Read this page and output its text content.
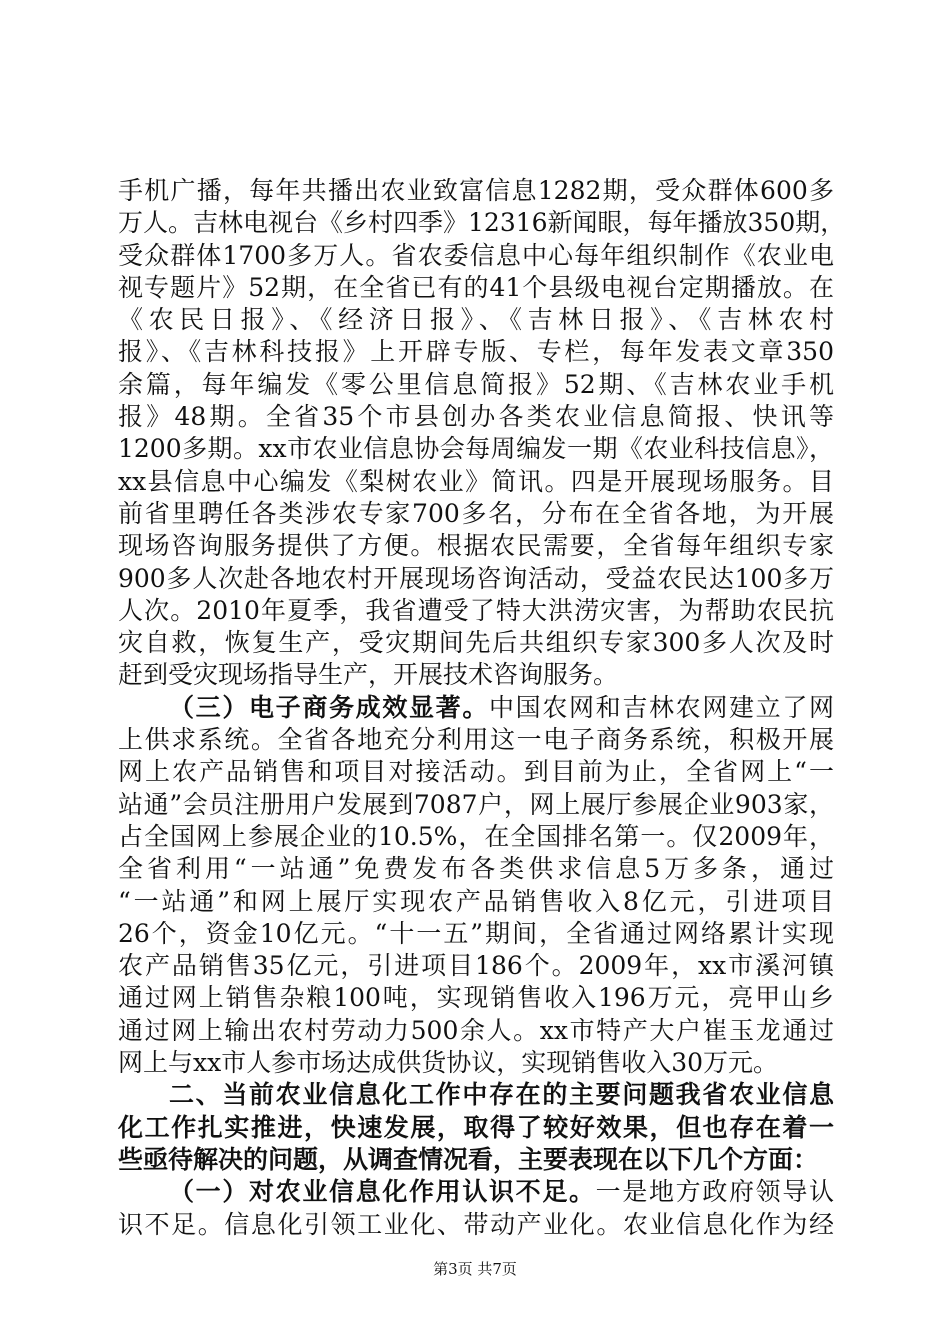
手机广播，每年共播出农业致富信息1282期，受众群体600多
万人。吉林电视台《乡村四季》12316新闻眼，每年播放350期，
受众群体1700多万人。省农委信息中心每年组织制作《农业电
视专题片》52期，在全省已有的41个县级电视台定期播放。在
《农民日报》、《经济日报》、《吉林日报》、《吉林农村
报》、《吉林科技报》上开辟专版、专栏，每年发表文章350
余篇，每年编发《零公里信息简报》52期、《吉林农业手机
报》48期。全省35个市县创办各类农业信息简报、快讯等
1200多期。xx市农业信息协会每周编发一期《农业科技信息》，
xx县信息中心编发《梨树农业》简讯。四是开展现场服务。目
前省里聘任各类涉农专家700多名，分布在全省各地，为开展
现场咨询服务提供了方便。根据农民需要，全省每年组织专家
900多人次赴各地农村开展现场咨询活动，受益农民达100多万
人次。2010年夏季，我省遭受了特大洪涝灾害，为帮助农民抗
灾自救，恢复生产，受灾期间先后共组织专家300多人次及时
赶到受灾现场指导生产，开展技术咨询服务。
（三）电子商务成效显著。中国农网和吉林农网建立了网
上供求系统。全省各地充分利用这一电子商务系统，积极开展
网上农产品销售和项目对接活动。到目前为止，全省网上“一
站通”会员注册用户发展到7087户，网上展厅参展企业903家，
占全国网上参展企业的10.5%，在全国排名第一。仅2009年，
全省利用“一站通”免费发布各类供求信息5万多条，通过
“一站通”和网上展厅实现农产品销售收入8亿元，引进项目
26个，资金10亿元。“十一五”期间，全省通过网络累计实现
农产品销售35亿元，引进项目186个。2009年，xx市溪河镇
通过网上销售杂粮100吨，实现销售收入196万元，亮甲山乡
通过网上输出农村劳动力500余人。xx市特产大户崔玉龙通过
网上与xx市人参市场达成供货协议，实现销售收入30万元。
二、当前农业信息化工作中存在的主要问题我省农业信息
化工作扎实推进，快速发展，取得了较好效果，但也存在着一
些亟待解决的问题，从调查情况看，主要表现在以下几个方面：
（一）对农业信息化作用认识不足。一是地方政府领导认
识不足。信息化引领工业化、带动产业化。农业信息化作为经
第3页 共7页
